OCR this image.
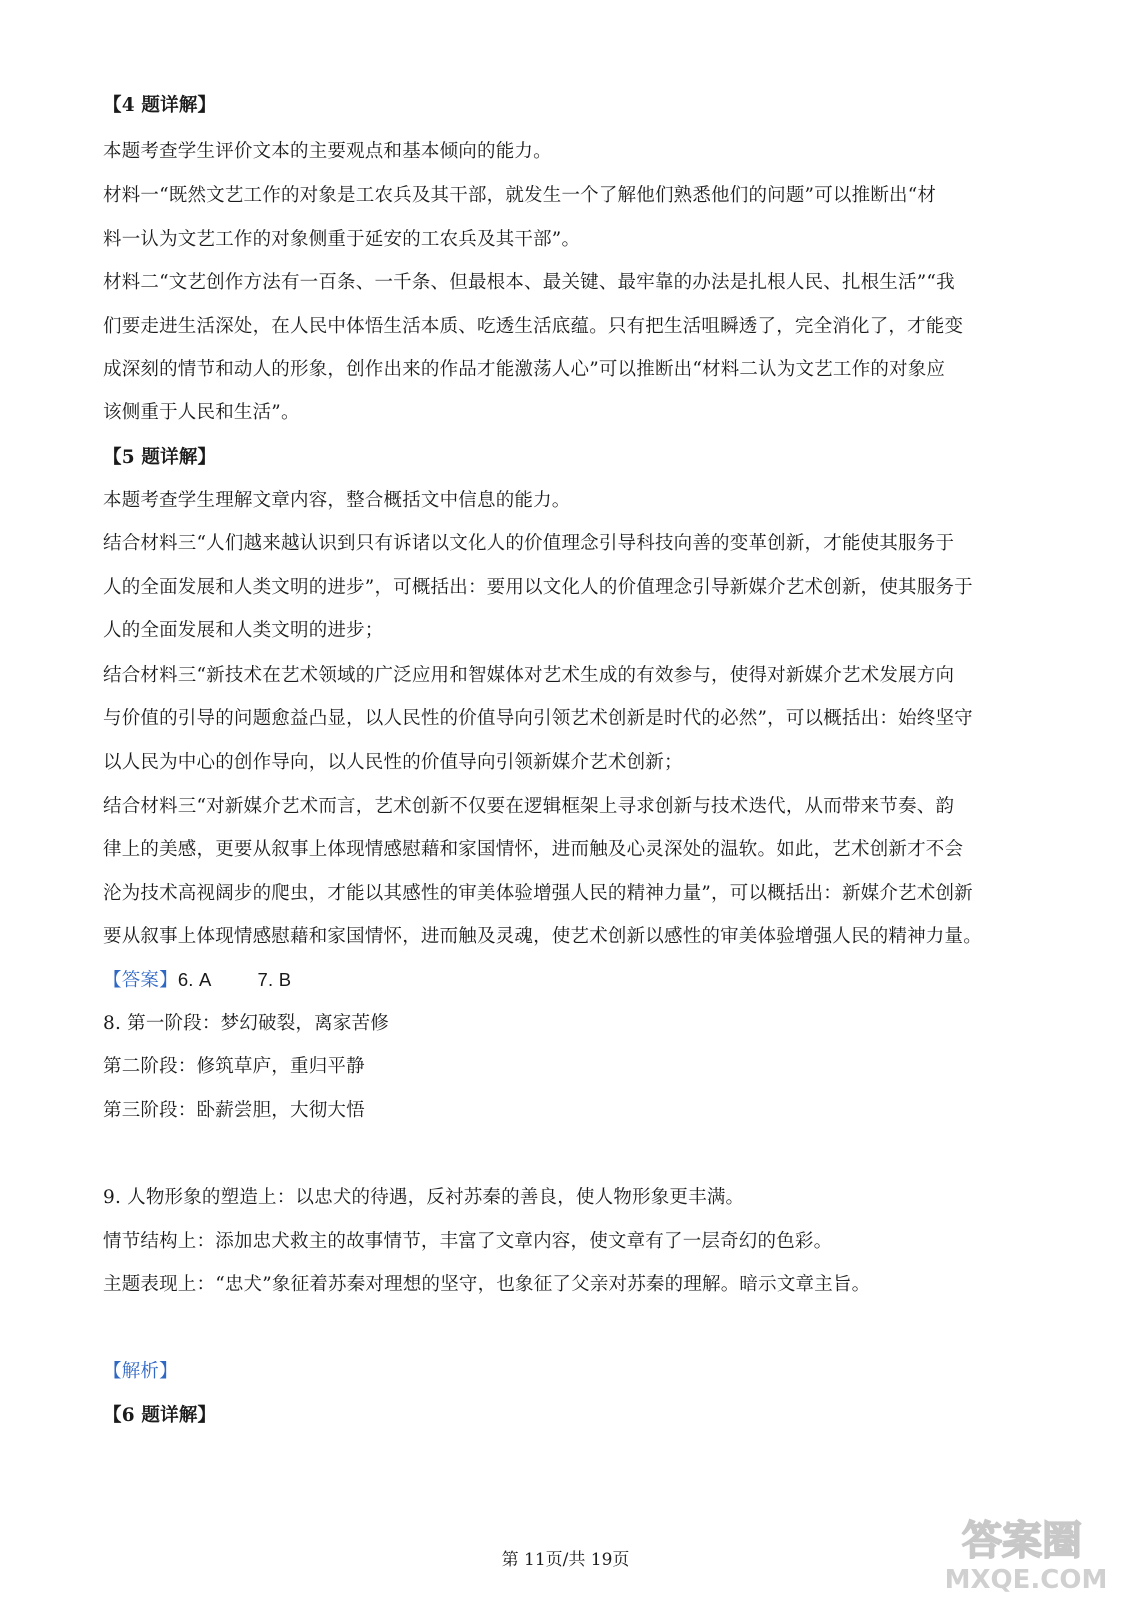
【4 题详解】
本题考查学生评价文本的主要观点和基本倾向的能力。
材料一“既然文艺工作的对象是工农兵及其干部，就发生一个了解他们熟悉他们的问题”可以推断出“材
料一认为文艺工作的对象侧重于延安的工农兵及其干部”。
材料二“文艺创作方法有一百条、一千条、但最根本、最关键、最牢靠的办法是扎根人民、扎根生活”“我
们要走进生活深处，在人民中体悟生活本质、吃透生活底蕴。只有把生活咀瞬透了，完全消化了，才能变
成深刻的情节和动人的形象，创作出来的作品才能激荡人心”可以推断出“材料二认为文艺工作的对象应
该侧重于人民和生活”。
【5 题详解】
本题考查学生理解文章内容，整合概括文中信息的能力。
结合材料三“人们越来越认识到只有诉诸以文化人的价值理念引导科技向善的变革创新，才能使其服务于
人的全面发展和人类文明的进步”，可概括出：要用以文化人的价值理念引导新媒介艺术创新，使其服务于
人的全面发展和人类文明的进步；
结合材料三“新技术在艺术领域的广泛应用和智媒体对艺术生成的有效参与，使得对新媒介艺术发展方向
与价值的引导的问题愈益凸显，以人民性的价值导向引领艺术创新是时代的必然”，可以概括出：始终坚守
以人民为中心的创作导向，以人民性的价值导向引领新媒介艺术创新；
结合材料三“对新媒介艺术而言，艺术创新不仅要在逻辑框架上寻求创新与技术迭代，从而带来节奏、韵
律上的美感，更要从叙事上体现情感慰藉和家国情怀，进而触及心灵深处的温软。如此，艺术创新才不会
沦为技术高视阔步的爬虫，才能以其感性的审美体验增强人民的精神力量”，可以概括出：新媒介艺术创新
要从叙事上体现情感慰藉和家国情怀，进而触及灵魂，使艺术创新以感性的审美体验增强人民的精神力量。
【答案】6. A 7. B
8. 第一阶段：梦幻破裂，离家苦修
第二阶段：修筑草庐，重归平静
第三阶段：卧薪尝胆，大彻大悟
9. 人物形象的塑造上：以忠犬的待遇，反衬苏秦的善良，使人物形象更丰满。
情节结构上：添加忠犬救主的故事情节，丰富了文章内容，使文章有了一层奇幻的色彩。
主题表现上：“忠犬”象征着苏秦对理想的坚守，也象征了父亲对苏秦的理解。暗示文章主旨。
【解析】
【6 题详解】
第 11页/共 19页	答案圈
MXQE.COM
